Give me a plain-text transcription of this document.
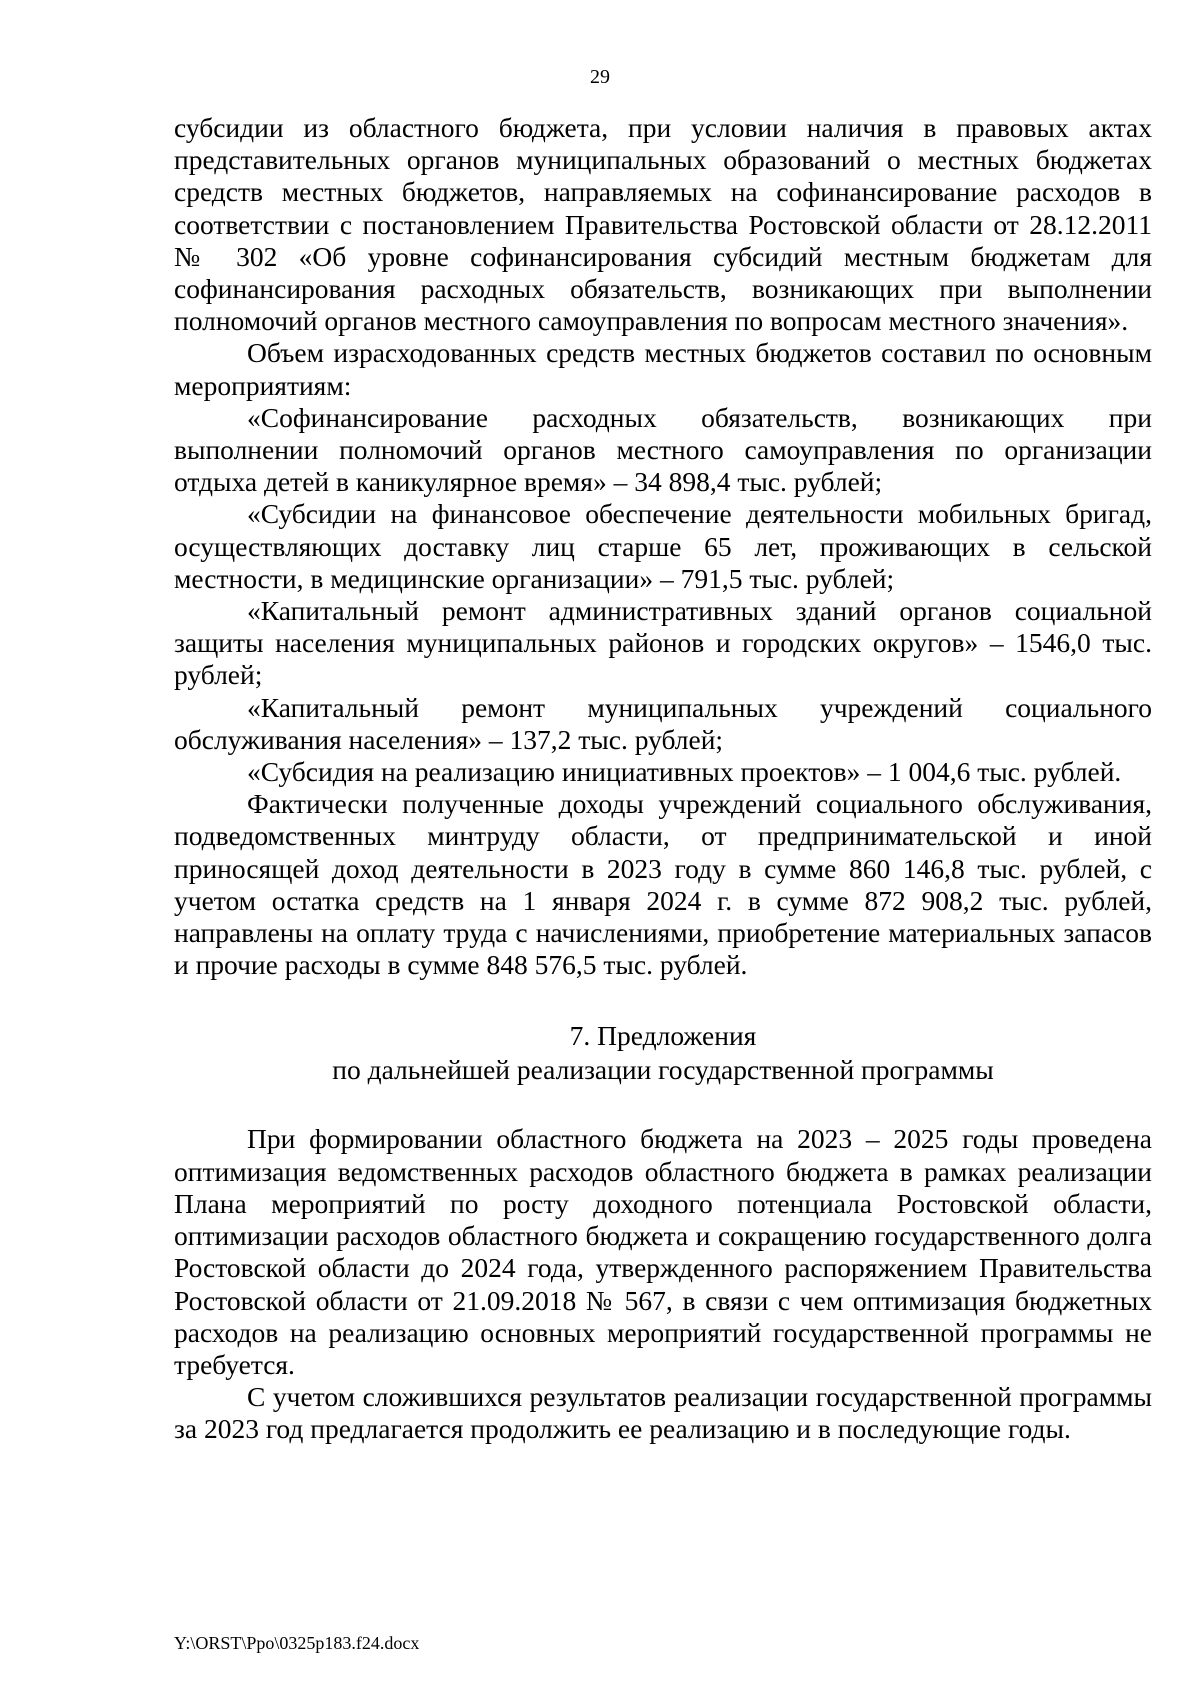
29

субсидии из областного бюджета, при условии наличия в правовых актах представительных органов муниципальных образований о местных бюджетах средств местных бюджетов, направляемых на софинансирование расходов в соответствии с постановлением Правительства Ростовской области от 28.12.2011 № 302 «Об уровне софинансирования субсидий местным бюджетам для софинансирования расходных обязательств, возникающих при выполнении полномочий органов местного самоуправления по вопросам местного значения».

Объем израсходованных средств местных бюджетов составил по основным мероприятиям:

«Софинансирование расходных обязательств, возникающих при выполнении полномочий органов местного самоуправления по организации отдыха детей в каникулярное время» – 34 898,4 тыс. рублей;

«Субсидии на финансовое обеспечение деятельности мобильных бригад, осуществляющих доставку лиц старше 65 лет, проживающих в сельской местности, в медицинские организации» – 791,5 тыс. рублей;

«Капитальный ремонт административных зданий органов социальной защиты населения муниципальных районов и городских округов» – 1546,0 тыс. рублей;

«Капитальный ремонт муниципальных учреждений социального обслуживания населения» – 137,2 тыс. рублей;

«Субсидия на реализацию инициативных проектов» – 1 004,6 тыс. рублей.

Фактически полученные доходы учреждений социального обслуживания, подведомственных минтруду области, от предпринимательской и иной приносящей доход деятельности в 2023 году в сумме 860 146,8 тыс. рублей, с учетом остатка средств на 1 января 2024 г. в сумме 872 908,2 тыс. рублей, направлены на оплату труда с начислениями, приобретение материальных запасов и прочие расходы в сумме 848 576,5 тыс. рублей.

7. Предложения

по дальнейшей реализации государственной программы

При формировании областного бюджета на 2023 – 2025 годы проведена оптимизация ведомственных расходов областного бюджета в рамках реализации Плана мероприятий по росту доходного потенциала Ростовской области, оптимизации расходов областного бюджета и сокращению государственного долга Ростовской области до 2024 года, утвержденного распоряжением Правительства Ростовской области от 21.09.2018 № 567, в связи с чем оптимизация бюджетных расходов на реализацию основных мероприятий государственной программы не требуется.

С учетом сложившихся результатов реализации государственной программы за 2023 год предлагается продолжить ее реализацию и в последующие годы.

Y:\ORST\Ppo\0325p183.f24.docx
